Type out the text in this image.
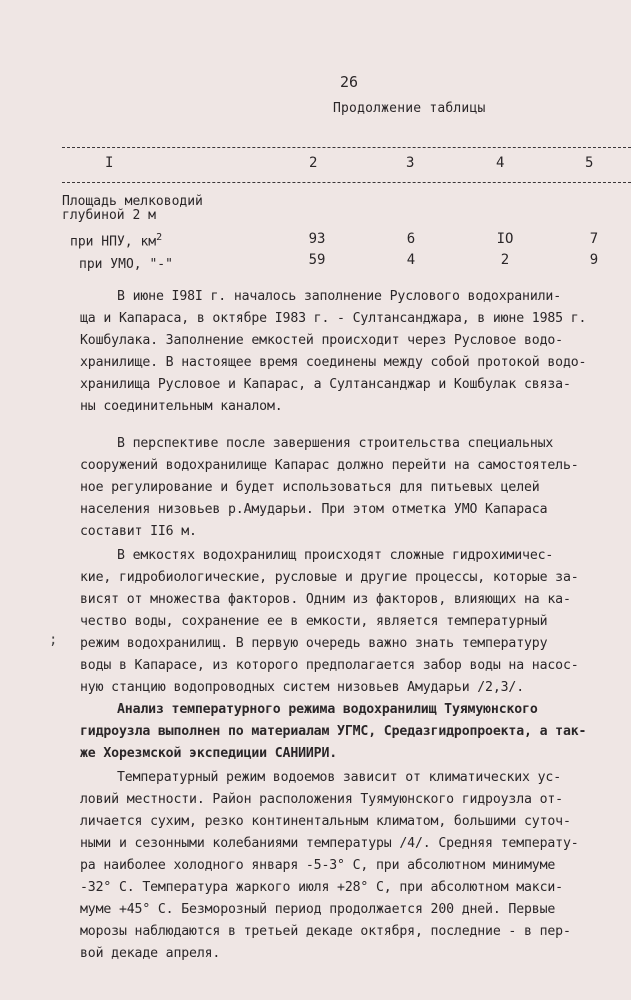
26
Продолжение таблицы
I	2	3	4	5
Площадь мелководий
глубиной 2 м
при НПУ, $км^2$	93	6	IO	7
при УМО, "-"	59	4	2	9
В июне I98I г. началось заполнение Руслового водохранили-
ща и Капараса, в октябре I983 г. - Султансанджара, в июне 1985 г.
Кошбулака. Заполнение емкостей происходит через Русловое водо-
хранилище. В настоящее время соединены между собой протокой водо-
хранилища Русловое и Капарас, а Султансанджар и Кошбулак связа-
ны соединительным каналом.
В перспективе после завершения строительства специальных
сооружений водохранилище Капарас должно перейти на самостоятель-
ное регулирование и будет использоваться для питьевых целей
населения низовьев р.Амударьи. При этом отметка УМО Капараса
составит II6 м.
В емкостях водохранилищ происходят сложные гидрохимичес-
кие, гидробиологические, русловые и другие процессы, которые за-
висят от множества факторов. Одним из факторов, влияющих на ка-
чество воды, сохранение ее в емкости, является температурный
режим водохранилищ. В первую очередь важно знать температуру
воды в Капарасе, из которого предполагается забор воды на насос-
ную станцию водопроводных систем низовьев Амударьи /2,3/.
Анализ температурного режима водохранилищ Туямуюнского
гидроузла выполнен по материалам УГМС, Средазгидропроекта, а так-
же Хорезмской экспедиции САНИИРИ.
Температурный режим водоемов зависит от климатических ус-
ловий местности. Район расположения Туямуюнского гидроузла от-
личается сухим, резко континентальным климатом, большими суточ-
ными и сезонными колебаниями температуры /4/. Средняя температу-
ра наиболее холодного января -5-3° С, при абсолютном минимуме
-32° С. Температура жаркого июля +28° С, при абсолютном макси-
муме +45° С. Безморозный период продолжается 200 дней. Первые
морозы наблюдаются в третьей декаде октября, последние - в пер-
вой декаде апреля.
;
